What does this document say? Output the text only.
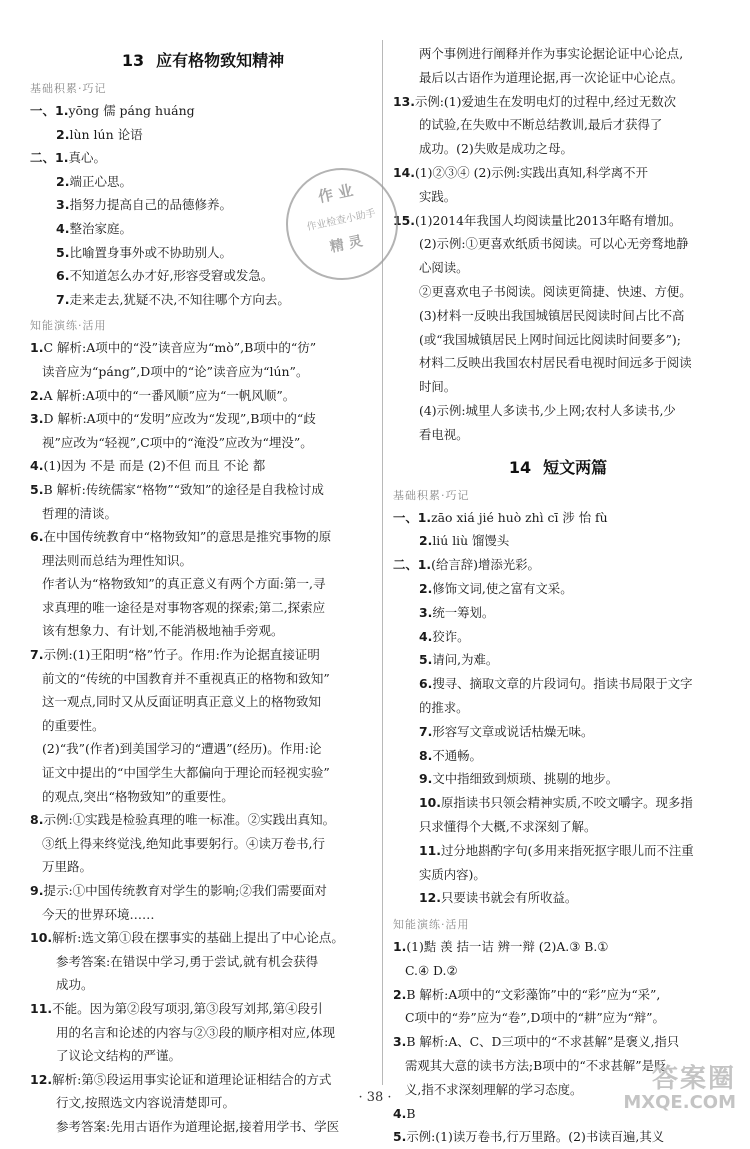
13 应有格物致知精神
基础积累·巧记
一、1.yōng 儒 páng huáng
2.lùn lún 论语
二、1.真心。
2.端正心思。
3.指努力提高自己的品德修养。
4.整治家庭。
5.比喻置身事外或不协助别人。
6.不知道怎么办才好,形容受窘或发急。
7.走来走去,犹疑不决,不知往哪个方向去。
知能演练·活用
1.C 解析:A项中的“没”读音应为“mò”,B项中的“彷”
读音应为“páng”,D项中的“论”读音应为“lún”。
2.A 解析:A项中的“一番风顺”应为“一帆风顺”。
3.D 解析:A项中的“发明”应改为“发现”,B项中的“歧
视”应改为“轻视”,C项中的“淹没”应改为“埋没”。
4.(1)因为 不是 而是 (2)不但 而且 不论 都
5.B 解析:传统儒家“格物”“致知”的途径是自我检讨成
哲理的清谈。
6.在中国传统教育中“格物致知”的意思是推究事物的原
理法则而总结为理性知识。
作者认为“格物致知”的真正意义有两个方面:第一,寻
求真理的唯一途径是对事物客观的探索;第二,探索应
该有想象力、有计划,不能消极地袖手旁观。
7.示例:(1)王阳明“格”竹子。作用:作为论据直接证明
前文的“传统的中国教育并不重视真正的格物和致知”
这一观点,同时又从反面证明真正意义上的格物致知
的重要性。
(2)“我”(作者)到美国学习的“遭遇”(经历)。作用:论
证文中提出的“中国学生大都偏向于理论而轻视实验”
的观点,突出“格物致知”的重要性。
8.示例:①实践是检验真理的唯一标准。②实践出真知。
③纸上得来终觉浅,绝知此事要躬行。④读万卷书,行
万里路。
9.提示:①中国传统教育对学生的影响;②我们需要面对
今天的世界环境……
10.解析:选文第①段在摆事实的基础上提出了中心论点。
参考答案:在错误中学习,勇于尝试,就有机会获得
成功。
11.不能。因为第②段写项羽,第③段写刘邦,第④段引
用的名言和论述的内容与②③段的顺序相对应,体现
了议论文结构的严谨。
12.解析:第⑤段运用事实论证和道理论证相结合的方式
行文,按照选文内容说清楚即可。
参考答案:先用古语作为道理论据,接着用学书、学医
两个事例进行阐释并作为事实论据论证中心论点,
最后以古语作为道理论据,再一次论证中心论点。
13.示例:(1)爱迪生在发明电灯的过程中,经过无数次
的试验,在失败中不断总结教训,最后才获得了
成功。(2)失败是成功之母。
14.(1)②③④ (2)示例:实践出真知,科学离不开
实践。
15.(1)2014年我国人均阅读量比2013年略有增加。
(2)示例:①更喜欢纸质书阅读。可以心无旁骛地静
心阅读。
②更喜欢电子书阅读。阅读更简捷、快速、方便。
(3)材料一反映出我国城镇居民阅读时间占比不高
(或“我国城镇居民上网时间远比阅读时间要多”);
材料二反映出我国农村居民看电视时间远多于阅读
时间。
(4)示例:城里人多读书,少上网;农村人多读书,少
看电视。
14 短文两篇
基础积累·巧记
一、1.zāo xiá jié huò zhì cī 涉 怡 fù
2.liú liù 馏馒头
二、1.(给言辞)增添光彩。
2.修饰文词,使之富有文采。
3.统一筹划。
4.狡诈。
5.请问,为难。
6.搜寻、摘取文章的片段词句。指读书局限于文字
的推求。
7.形容写文章或说话枯燥无味。
8.不通畅。
9.文中指细致到烦琐、挑剔的地步。
10.原指读书只领会精神实质,不咬文嚼字。现多指
只求懂得个大概,不求深刻了解。
11.过分地斟酌字句(多用来指死抠字眼儿而不注重
实质内容)。
12.只要读书就会有所收益。
知能演练·活用
1.(1)黠 羡 拮一诘 辨一辩 (2)A.③ B.①
C.④ D.②
2.B 解析:A项中的“文彩藻饰”中的“彩”应为“采”,
C项中的“券”应为“卷”,D项中的“耕”应为“辩”。
3.B 解析:A、C、D三项中的“不求甚解”是褒义,指只
需观其大意的读书方法;B项中的“不求甚解”是贬
义,指不求深刻理解的学习态度。
4.B
5.示例:(1)读万卷书,行万里路。(2)书读百遍,其义
作 业
作业检查小助手
精 灵
· 38 ·
答案圈
MXQE.COM
